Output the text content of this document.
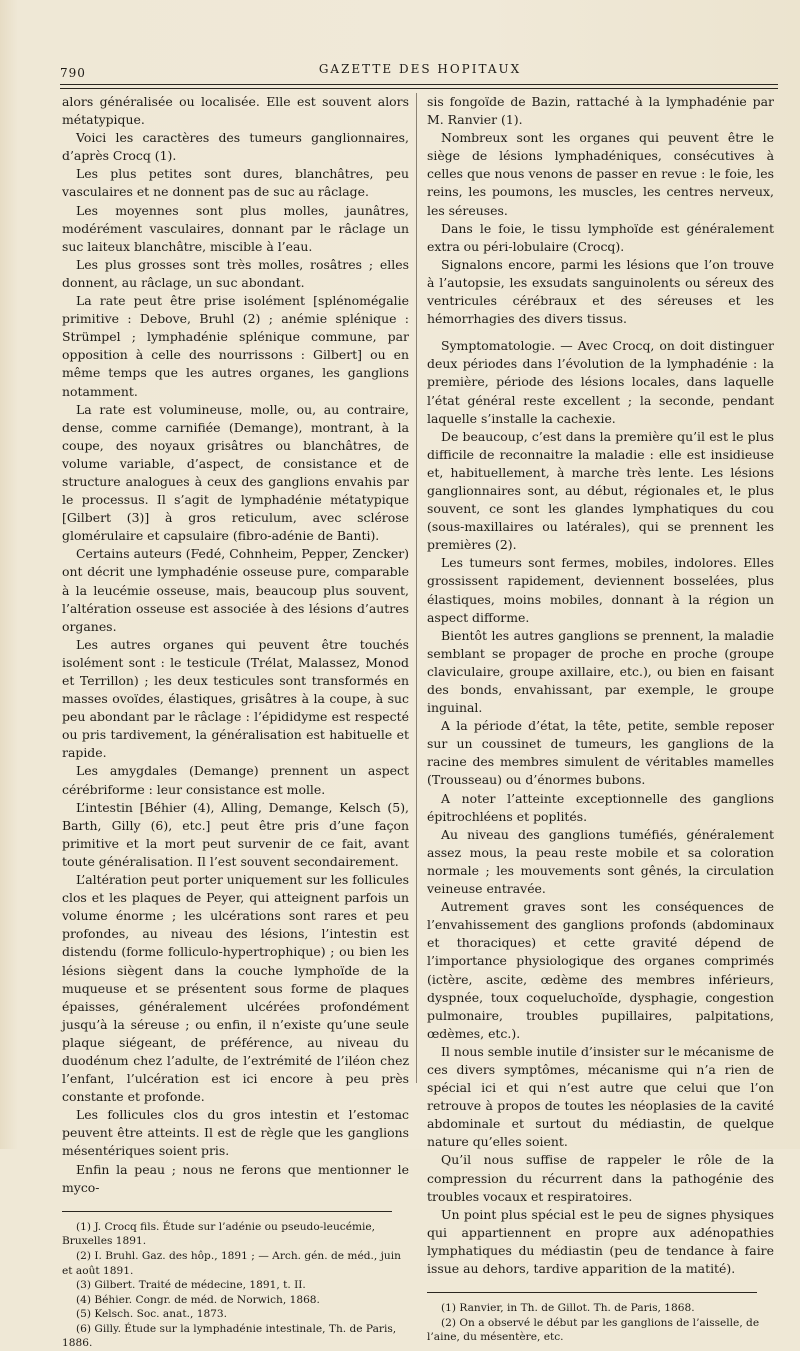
790	GAZETTE DES HOPITAUX

alors généralisée ou localisée. Elle est souvent alors métatypique.

Voici les caractères des tumeurs ganglionnaires, d’après Crocq (1).

Les plus petites sont dures, blanchâtres, peu vasculaires et ne donnent pas de suc au râclage.

Les moyennes sont plus molles, jaunâtres, modérément vasculaires, donnant par le râclage un suc laiteux blanchâtre, miscible à l’eau.

Les plus grosses sont très molles, rosâtres ; elles donnent, au râclage, un suc abondant.

La rate peut être prise isolément [splénomégalie primitive : Debove, Bruhl (2) ; anémie splénique : Strümpel ; lymphadénie splénique commune, par opposition à celle des nourrissons : Gilbert] ou en même temps que les autres organes, les ganglions notamment.

La rate est volumineuse, molle, ou, au contraire, dense, comme carnifiée (Demange), montrant, à la coupe, des noyaux grisâtres ou blanchâtres, de volume variable, d’aspect, de consistance et de structure analogues à ceux des ganglions envahis par le processus. Il s’agit de lymphadénie métatypique [Gilbert (3)] à gros reticulum, avec sclérose glomérulaire et capsulaire (fibro-adénie de Banti).

Certains auteurs (Fedé, Cohnheim, Pepper, Zencker) ont décrit une lymphadénie osseuse pure, comparable à la leucémie osseuse, mais, beaucoup plus souvent, l’altération osseuse est associée à des lésions d’autres organes.

Les autres organes qui peuvent être touchés isolément sont : le testicule (Trélat, Malassez, Monod et Terrillon) ; les deux testicules sont transformés en masses ovoïdes, élastiques, grisâtres à la coupe, à suc peu abondant par le râclage : l’épididyme est respecté ou pris tardivement, la généralisation est habituelle et rapide.

Les amygdales (Demange) prennent un aspect cérébriforme : leur consistance est molle.

L’intestin [Béhier (4), Alling, Demange, Kelsch (5), Barth, Gilly (6), etc.] peut être pris d’une façon primitive et la mort peut survenir de ce fait, avant toute généralisation. Il l’est souvent secondairement.

L’altération peut porter uniquement sur les follicules clos et les plaques de Peyer, qui atteignent parfois un volume énorme ; les ulcérations sont rares et peu profondes, au niveau des lésions, l’intestin est distendu (forme folliculo-hypertrophique) ; ou bien les lésions siègent dans la couche lymphoïde de la muqueuse et se présentent sous forme de plaques épaisses, généralement ulcérées profondément jusqu’à la séreuse ; ou enfin, il n’existe qu’une seule plaque siégeant, de préférence, au niveau du duodénum chez l’adulte, de l’extrémité de l’iléon chez l’enfant, l’ulcération est ici encore à peu près constante et profonde.

Les follicules clos du gros intestin et l’estomac peuvent être atteints. Il est de règle que les ganglions mésentériques soient pris.

Enfin la peau ; nous ne ferons que mentionner le myco-

(1) J. Crocq fils. Étude sur l’adénie ou pseudo-leucémie, Bruxelles 1891.

(2) I. Bruhl. Gaz. des hôp., 1891 ; — Arch. gén. de méd., juin et août 1891.

(3) Gilbert. Traité de médecine, 1891, t. II.

(4) Béhier. Congr. de méd. de Norwich, 1868.

(5) Kelsch. Soc. anat., 1873.

(6) Gilly. Étude sur la lymphadénie intestinale, Th. de Paris, 1886.

sis fongoïde de Bazin, rattaché à la lymphadénie par M. Ranvier (1).

Nombreux sont les organes qui peuvent être le siège de lésions lymphadéniques, consécutives à celles que nous venons de passer en revue : le foie, les reins, les poumons, les muscles, les centres nerveux, les séreuses.

Dans le foie, le tissu lymphoïde est généralement extra ou péri-lobulaire (Crocq).

Signalons encore, parmi les lésions que l’on trouve à l’autopsie, les exsudats sanguinolents ou séreux des ventricules cérébraux et des séreuses et les hémorrhagies des divers tissus.

Symptomatologie. — Avec Crocq, on doit distinguer deux périodes dans l’évolution de la lymphadénie : la première, période des lésions locales, dans laquelle l’état général reste excellent ; la seconde, pendant laquelle s’installe la cachexie.

De beaucoup, c’est dans la première qu’il est le plus difficile de reconnaitre la maladie : elle est insidieuse et, habituellement, à marche très lente. Les lésions ganglionnaires sont, au début, régionales et, le plus souvent, ce sont les glandes lymphatiques du cou (sous-maxillaires ou latérales), qui se prennent les premières (2).

Les tumeurs sont fermes, mobiles, indolores. Elles grossissent rapidement, deviennent bosselées, plus élastiques, moins mobiles, donnant à la région un aspect difforme.

Bientôt les autres ganglions se prennent, la maladie semblant se propager de proche en proche (groupe claviculaire, groupe axillaire, etc.), ou bien en faisant des bonds, envahissant, par exemple, le groupe inguinal.

A la période d’état, la tête, petite, semble reposer sur un coussinet de tumeurs, les ganglions de la racine des membres simulent de véritables mamelles (Trousseau) ou d’énormes bubons.

A noter l’atteinte exceptionnelle des ganglions épitrochléens et poplités.

Au niveau des ganglions tuméfiés, généralement assez mous, la peau reste mobile et sa coloration normale ; les mouvements sont gênés, la circulation veineuse entravée.

Autrement graves sont les conséquences de l’envahissement des ganglions profonds (abdominaux et thoraciques) et cette gravité dépend de l’importance physiologique des organes comprimés (ictère, ascite, œdème des membres inférieurs, dyspnée, toux coqueluchoïde, dysphagie, congestion pulmonaire, troubles pupillaires, palpitations, œdèmes, etc.).

Il nous semble inutile d’insister sur le mécanisme de ces divers symptômes, mécanisme qui n’a rien de spécial ici et qui n’est autre que celui que l’on retrouve à propos de toutes les néoplasies de la cavité abdominale et surtout du médiastin, de quelque nature qu’elles soient.

Qu’il nous suffise de rappeler le rôle de la compression du récurrent dans la pathogénie des troubles vocaux et respiratoires.

Un point plus spécial est le peu de signes physiques qui appartiennent en propre aux adénopathies lymphatiques du médiastin (peu de tendance à faire issue au dehors, tardive apparition de la matité).

(1) Ranvier, in Th. de Gillot. Th. de Paris, 1868.

(2) On a observé le début par les ganglions de l’aisselle, de l’aine, du mésentère, etc.
